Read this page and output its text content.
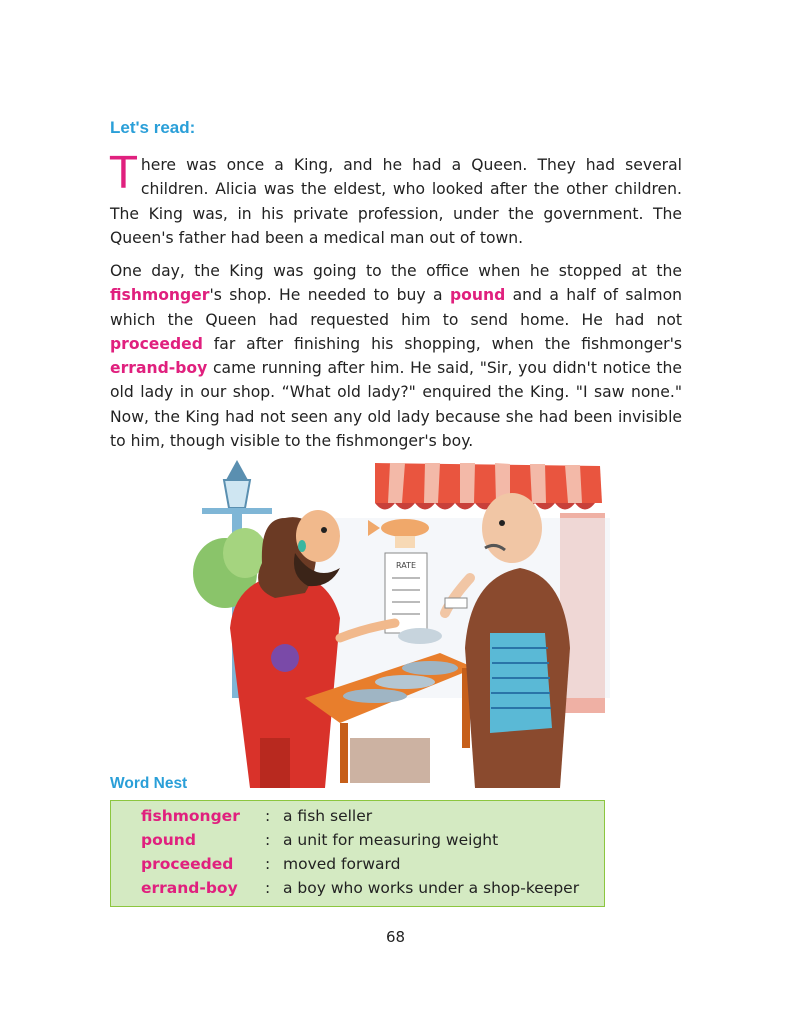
Let's read:

There was once a King, and he had a Queen. They had several children. Alicia was the eldest, who looked after the other children. The King was, in his private profession, under the government. The Queen's father had been a medical man out of town.

One day, the King was going to the office when he stopped at the fishmonger's shop. He needed to buy a pound and a half of salmon which the Queen had requested him to send home. He had not proceeded far after finishing his shopping, when the fishmonger's errand-boy came running after him. He said, "Sir, you didn't notice the old lady in our shop. “What old lady?" enquired the King. "I saw none." Now, the King had not seen any old lady because she had been invisible to him, though visible to the fishmonger's boy.

RATE
Word Nest
fishmonger : a fish seller
pound	: a unit for measuring weight
proceeded : moved forward
errand-boy : a boy who works under a shop-keeper
68
